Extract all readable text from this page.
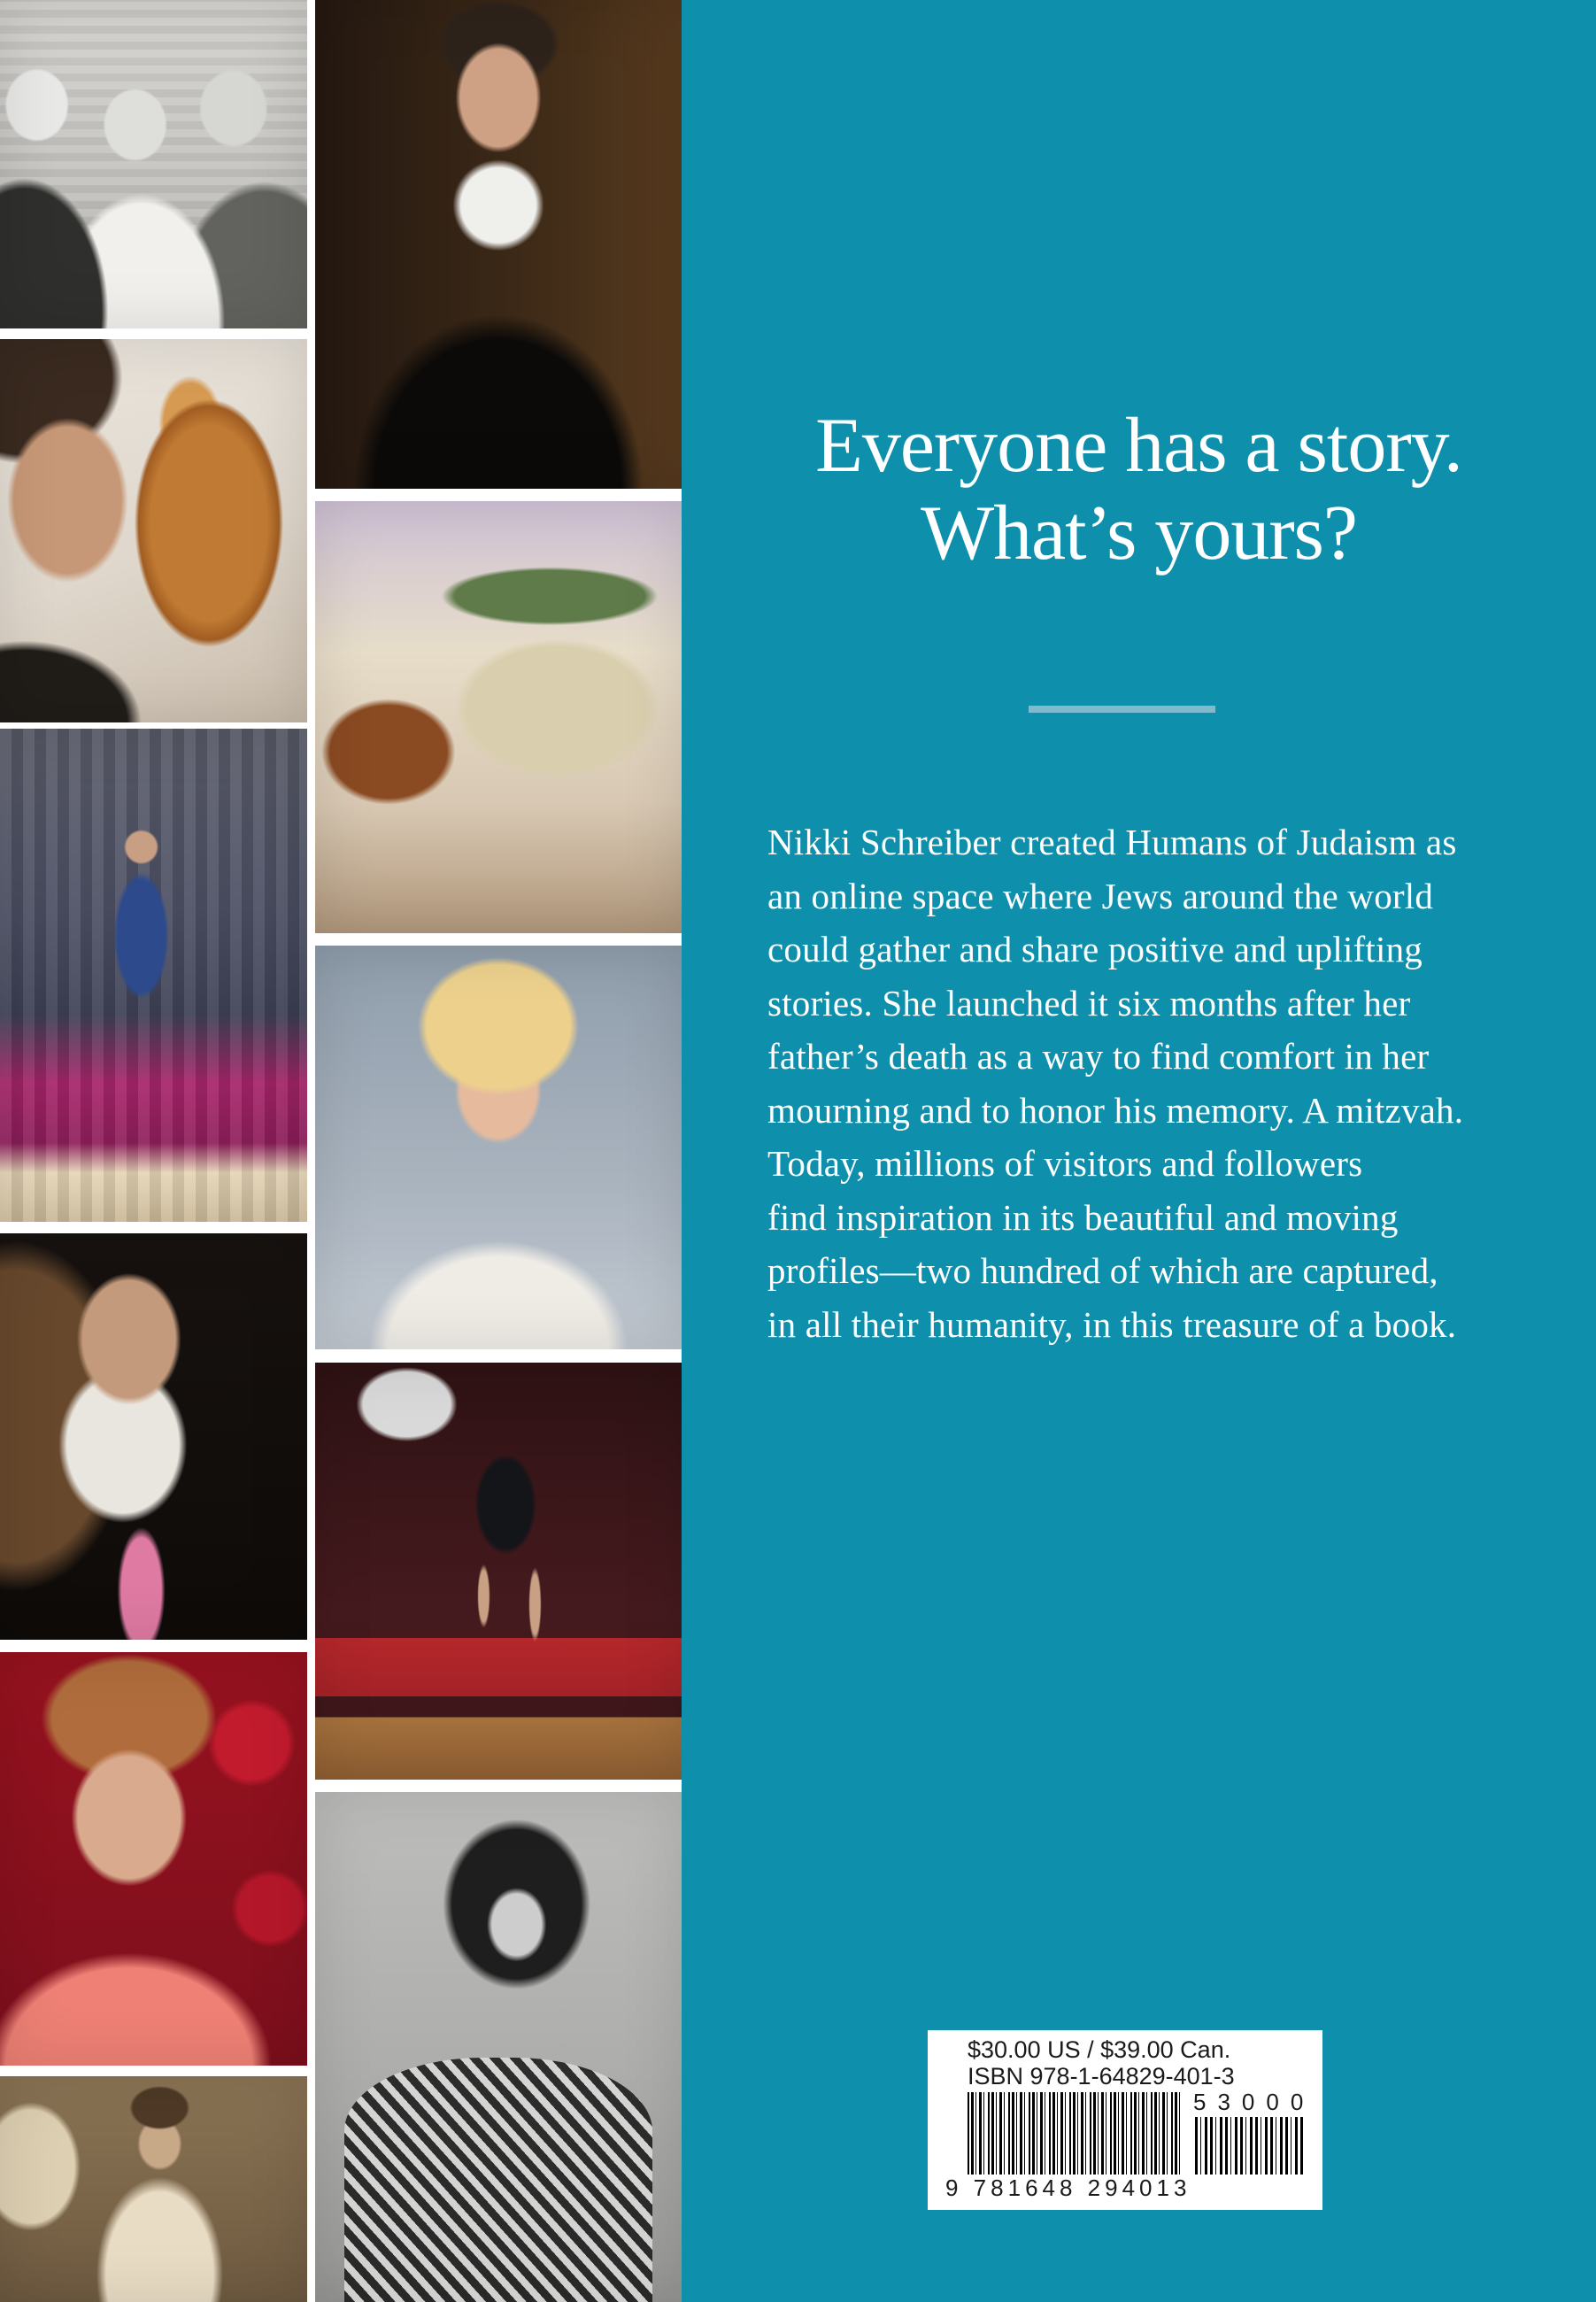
Everyone has a story.
What’s yours?
Nikki Schreiber created Humans of Judaism as
an online space where Jews around the world
could gather and share positive and uplifting
stories. She launched it six months after her
father’s death as a way to find comfort in her
mourning and to honor his memory. A mitzvah.
Today, millions of visitors and followers
find inspiration in its beautiful and moving
profiles—two hundred of which are captured,
in all their humanity, in this treasure of a book.
$30.00 US / $39.00 Can.
ISBN 978-1-64829-401-3
9 781648 294013
53000
